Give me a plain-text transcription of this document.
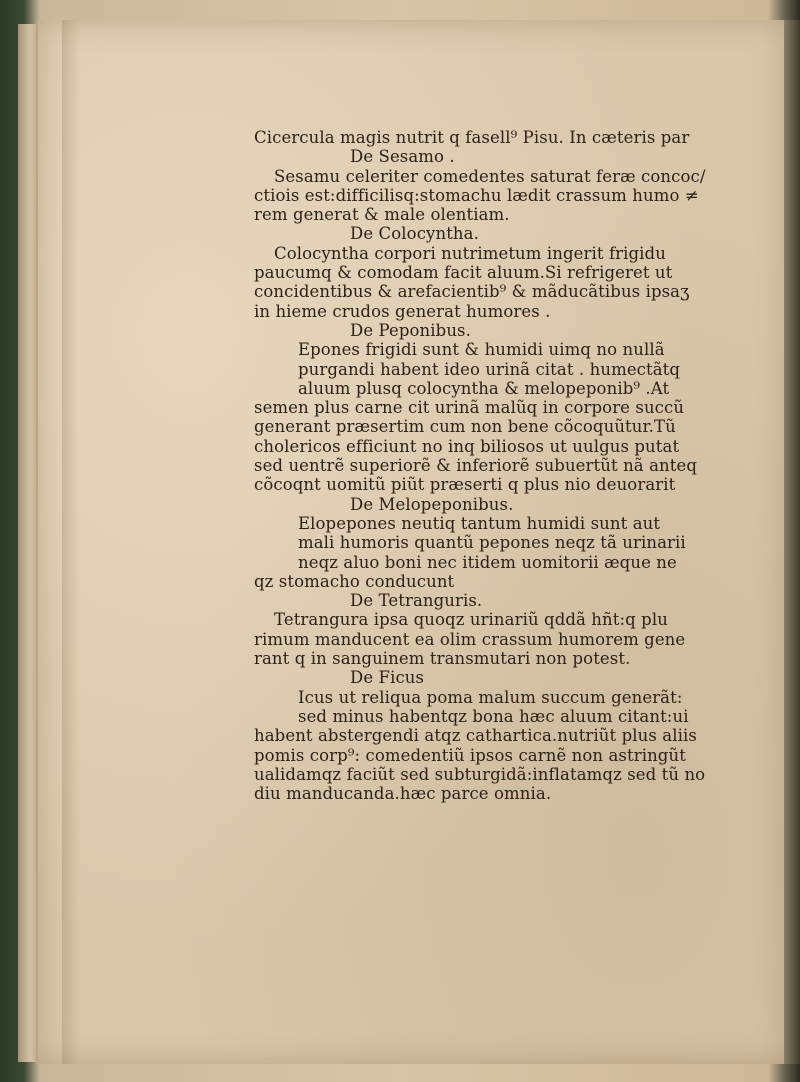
Cicercula magis nutrit q fasell⁹ Pisu. In cæteris par
De Sesamo .
Sesamu celeriter comedentes saturat feræ concoc/
ctiois est:difficilisq:stomachu lædit crassum humo ≠
rem generat & male olentiam.
De Colocyntha.
Colocyntha corpori nutrimetum ingerit frigidu
paucumq & comodam facit aluum.Si refrigeret ut
concidentibus & arefacientib⁹ & mãducãtibus ipsaʒ
in hieme crudos generat humores .
De Peponibus.
Epones frigidi sunt & humidi uimq no nullã
purgandi habent ideo urinã citat . humectãtq
aluum plusq colocyntha & melopeponib⁹ .At
semen plus carne cit urinã malũq in corpore succũ
generant præsertim cum non bene cõcoquũtur.Tũ
cholericos efficiunt no inq biliosos ut uulgus putat
sed uentrẽ superiorẽ & inferiorẽ subuertũt nã anteq
cõcoqnt uomitũ piũt præserti q plus nio deuorarit
De Melopeponibus.
Elopepones neutiq tantum humidi sunt aut
mali humoris quantũ pepones neqz tã urinarii
neqz aluo boni nec itidem uomitorii æque ne
qz stomacho conducunt
De Tetranguris.
Tetrangura ipsa quoqz urinariũ qddã hñt:q plu
rimum manducent ea olim crassum humorem gene
rant q in sanguinem transmutari non potest.
De Ficus
Icus ut reliqua poma malum succum generãt:
sed minus habentqz bona hæc aluum citant:ui
habent abstergendi atqz cathartica.nutriũt plus aliis
pomis corp⁹: comedentiũ ipsos carnẽ non astringũt
ualidamqz faciũt sed subturgidã:inflatamqz sed tũ no
diu manducanda.hæc parce omnia.
